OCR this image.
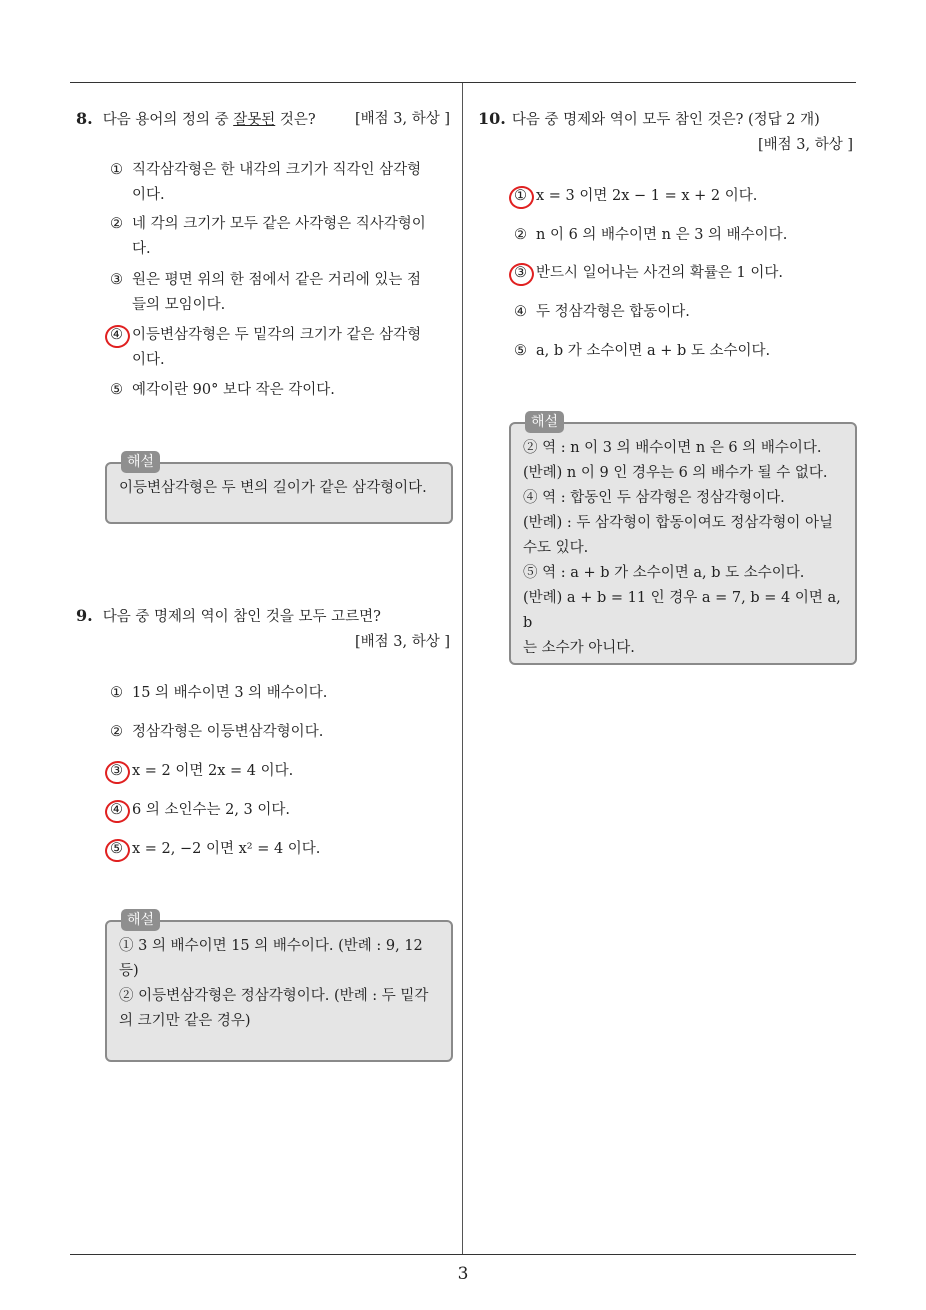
8. 다음 용어의 정의 중 잘못된 것은?	[배점 3, 하상 ]
① 직각삼각형은 한 내각의 크기가 직각인 삼각형
이다.
② 네 각의 크기가 모두 같은 사각형은 직사각형이
다.
③ 원은 평면 위의 한 점에서 같은 거리에 있는 점
들의 모임이다.
④ 이등변삼각형은 두 밑각의 크기가 같은 삼각형
이다.
⑤ 예각이란 90° 보다 작은 각이다.
해설
이등변삼각형은 두 변의 길이가 같은 삼각형이다.
9. 다음 중 명제의 역이 참인 것을 모두 고르면?
[배점 3, 하상 ]
① 15 의 배수이면 3 의 배수이다.
② 정삼각형은 이등변삼각형이다.
③ x = 2 이면 2x = 4 이다.
④ 6 의 소인수는 2, 3 이다.
⑤ x = 2, −2 이면 x² = 4 이다.
해설
① 3 의 배수이면 15 의 배수이다. (반례 : 9, 12
등)
② 이등변삼각형은 정삼각형이다. (반례 : 두 밑각
의 크기만 같은 경우)
10. 다음 중 명제와 역이 모두 참인 것은? (정답 2 개)
[배점 3, 하상 ]
① x = 3 이면 2x − 1 = x + 2 이다.
② n 이 6 의 배수이면 n 은 3 의 배수이다.
③ 반드시 일어나는 사건의 확률은 1 이다.
④ 두 정삼각형은 합동이다.
⑤ a, b 가 소수이면 a + b 도 소수이다.
해설
② 역 : n 이 3 의 배수이면 n 은 6 의 배수이다.
(반례) n 이 9 인 경우는 6 의 배수가 될 수 없다.
④ 역 : 합동인 두 삼각형은 정삼각형이다.
(반례) : 두 삼각형이 합동이여도 정삼각형이 아닐
수도 있다.
⑤ 역 : a + b 가 소수이면 a, b 도 소수이다.
(반례) a + b = 11 인 경우 a = 7, b = 4 이면 a, b
는 소수가 아니다.
3
